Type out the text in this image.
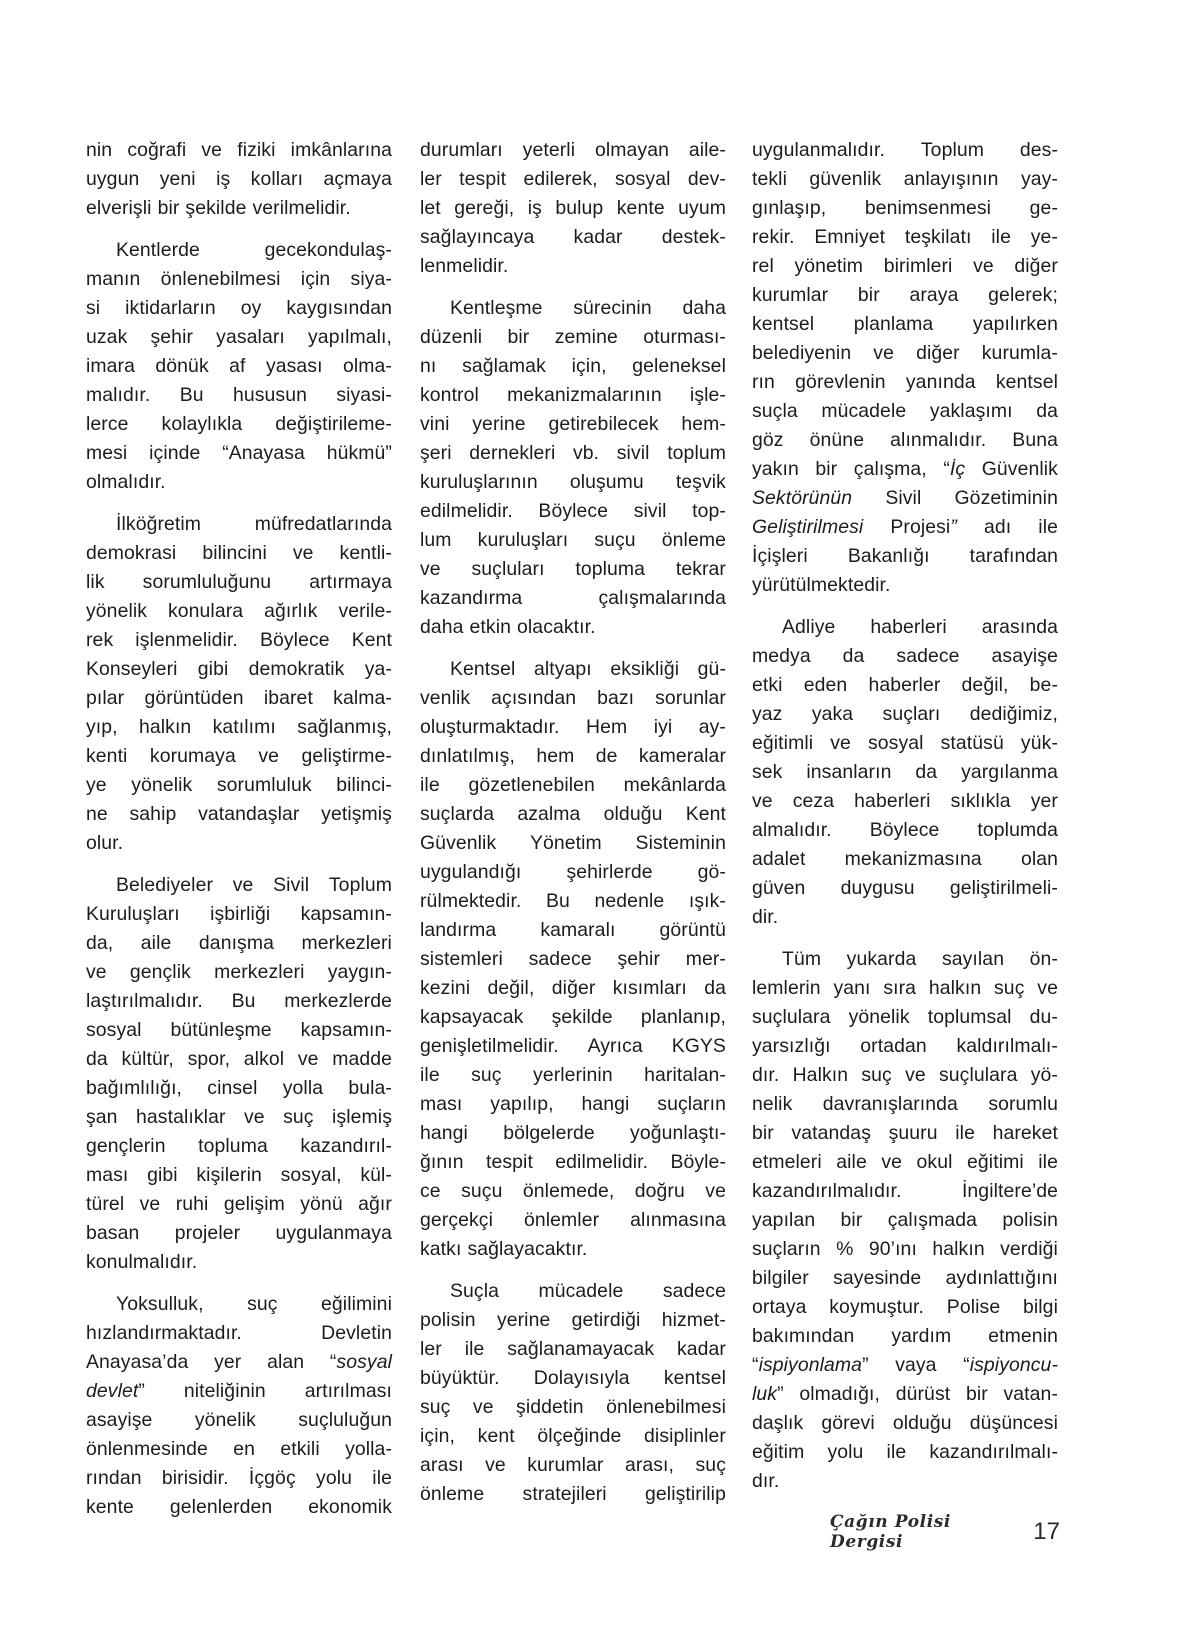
nin coğrafi ve fiziki imkânlarına
uygun yeni iş kolları açmaya
elverişli bir şekilde verilmelidir.
Kentlerde	gecekondulaş-
manın önlenebilmesi için siya-
si iktidarların oy kaygısından
uzak şehir yasaları yapılmalı,
imara dönük af yasası olma-
malıdır. Bu hususun siyasi-
lerce kolaylıkla değiştirileme-
mesi içinde “Anayasa hükmü”
olmalıdır.
İlköğretim	müfredatlarında
demokrasi bilincini ve kentli-
lik sorumluluğunu artırmaya
yönelik konulara ağırlık verile-
rek işlenmelidir. Böylece Kent
Konseyleri gibi demokratik ya-
pılar görüntüden ibaret kalma-
yıp, halkın katılımı sağlanmış,
kenti korumaya ve geliştirme-
ye yönelik sorumluluk bilinci-
ne sahip vatandaşlar yetişmiş
olur.
Belediyeler ve Sivil Toplum
Kuruluşları işbirliği kapsamın-
da, aile danışma merkezleri
ve gençlik merkezleri yaygın-
laştırılmalıdır. Bu merkezlerde
sosyal bütünleşme kapsamın-
da kültür, spor, alkol ve madde
bağımlılığı, cinsel yolla bula-
şan hastalıklar ve suç işlemiş
gençlerin topluma kazandırıl-
ması gibi kişilerin sosyal, kül-
türel ve ruhi gelişim yönü ağır
basan projeler uygulanmaya
konulmalıdır.
Yoksulluk, suç eğilimini
hızlandırmaktadır.	Devletin
Anayasa’da yer alan “sosyal
devlet” niteliğinin artırılması
asayişe yönelik suçluluğun
önlenmesinde en etkili yolla-
rından birisidir. İçgöç yolu ile
kente gelenlerden ekonomik
durumları yeterli olmayan aile-
ler tespit edilerek, sosyal dev-
let gereği, iş bulup kente uyum
sağlayıncaya kadar destek-
lenmelidir.
Kentleşme sürecinin daha
düzenli bir zemine oturması-
nı sağlamak için, geleneksel
kontrol mekanizmalarının işle-
vini yerine getirebilecek hem-
şeri dernekleri vb. sivil toplum
kuruluşlarının oluşumu teşvik
edilmelidir. Böylece sivil top-
lum kuruluşları suçu önleme
ve suçluları topluma tekrar
kazandırma	çalışmalarında
daha etkin olacaktır.
Kentsel altyapı eksikliği gü-
venlik açısından bazı sorunlar
oluşturmaktadır. Hem iyi ay-
dınlatılmış, hem de kameralar
ile gözetlenebilen mekânlarda
suçlarda azalma olduğu Kent
Güvenlik Yönetim Sisteminin
uygulandığı şehirlerde gö-
rülmektedir. Bu nedenle ışık-
landırma kamaralı görüntü
sistemleri sadece şehir mer-
kezini değil, diğer kısımları da
kapsayacak şekilde planlanıp,
genişletilmelidir. Ayrıca KGYS
ile suç yerlerinin haritalan-
ması yapılıp, hangi suçların
hangi bölgelerde yoğunlaştı-
ğının tespit edilmelidir. Böyle-
ce suçu önlemede, doğru ve
gerçekçi önlemler alınmasına
katkı sağlayacaktır.
Suçla mücadele sadece
polisin yerine getirdiği hizmet-
ler ile sağlanamayacak kadar
büyüktür. Dolayısıyla kentsel
suç ve şiddetin önlenebilmesi
için, kent ölçeğinde disiplinler
arası ve kurumlar arası, suç
önleme stratejileri geliştirilip
uygulanmalıdır. Toplum des-
tekli güvenlik anlayışının yay-
gınlaşıp, benimsenmesi ge-
rekir. Emniyet teşkilatı ile ye-
rel yönetim birimleri ve diğer
kurumlar bir araya gelerek;
kentsel planlama yapılırken
belediyenin ve diğer kurumla-
rın görevlenin yanında kentsel
suçla mücadele yaklaşımı da
göz önüne alınmalıdır. Buna
yakın bir çalışma, “İç Güvenlik
Sektörünün Sivil Gözetiminin
Geliştirilmesi Projesi” adı ile
İçişleri Bakanlığı tarafından
yürütülmektedir.
Adliye haberleri arasında
medya da sadece asayişe
etki eden haberler değil, be-
yaz yaka suçları dediğimiz,
eğitimli ve sosyal statüsü yük-
sek insanların da yargılanma
ve ceza haberleri sıklıkla yer
almalıdır. Böylece toplumda
adalet mekanizmasına olan
güven duygusu geliştirilmeli-
dir.
Tüm yukarda sayılan ön-
lemlerin yanı sıra halkın suç ve
suçlulara yönelik toplumsal du-
yarsızlığı ortadan kaldırılmalı-
dır. Halkın suç ve suçlulara yö-
nelik davranışlarında sorumlu
bir vatandaş şuuru ile hareket
etmeleri aile ve okul eğitimi ile
kazandırılmalıdır.	İngiltere’de
yapılan bir çalışmada polisin
suçların % 90’ını halkın verdiği
bilgiler sayesinde aydınlattığını
ortaya koymuştur. Polise bilgi
bakımından yardım etmenin
“ispiyonlama” vaya “ispiyoncu-
luk” olmadığı, dürüst bir vatan-
daşlık görevi olduğu düşüncesi
eğitim yolu ile kazandırılmalı-
dır.
Çağın Polisi Dergisi	17
